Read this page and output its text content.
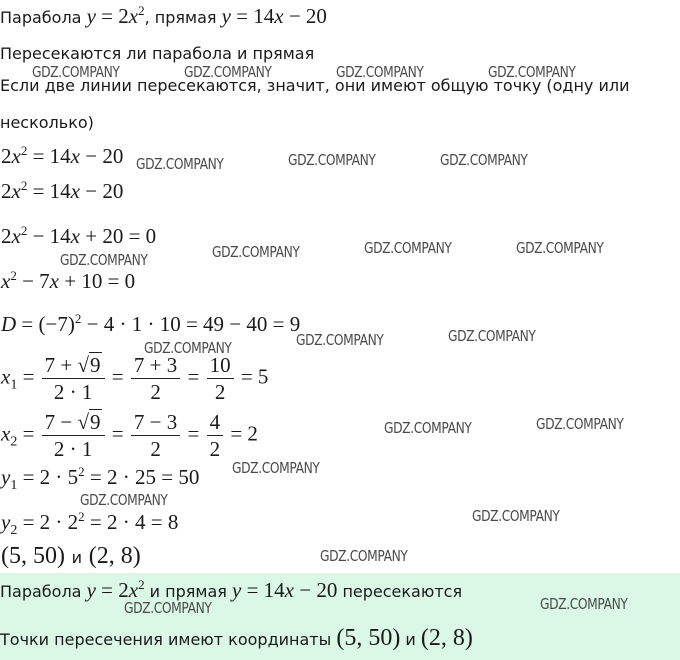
Парабола $y = 2x^2$, прямая y = 14x − 20
Пересекаются ли парабола и прямая
Если две линии пересекаются, значит, они имеют общую точку (одну или
несколько)
$2x^2 = 14x - 20$
$2x^2 = 14x - 20$
$2x^2 - 14x + 20 = 0$
$x^2 - 7x + 10 = 0$
$D = (-7)^2 - 4 \cdot 1 \cdot 10 = 49 - 40 = 9$
$x_1 = \frac{7 + √9}{2 \cdot 1} = \frac{7 + 3}{2} = \frac{10}{2} = 5$
$x_2 = \frac{7 - √9}{2 \cdot 1} = \frac{7 - 3}{2} = \frac{4}{2} = 2$
$y_1 = 2 \cdot 5^2 = 2 \cdot 25 = 50$
$y_2 = 2 \cdot 2^2 = 2 \cdot 4 = 8$
(5, 50) и (2, 8)
Парабола $y = 2x^2$ и прямая y = 14x − 20 пересекаются
Точки пересечения имеют координаты (5, 50) и (2, 8)
GDZ.COMPANY	GDZ.COMPANY	GDZ.COMPANY	GDZ.COMPANY
GDZ.COMPANY	GDZ.COMPANY	GDZ.COMPANY
GDZ.COMPANY	GDZ.COMPANY	GDZ.COMPANY
GDZ.COMPANY
GDZ.COMPANY	GDZ.COMPANY	GDZ.COMPANY
GDZ.COMPANY	GDZ.COMPANY
GDZ.COMPANY
GDZ.COMPANY
GDZ.COMPANY
GDZ.COMPANY
GDZ.COMPANY	GDZ.COMPANY
